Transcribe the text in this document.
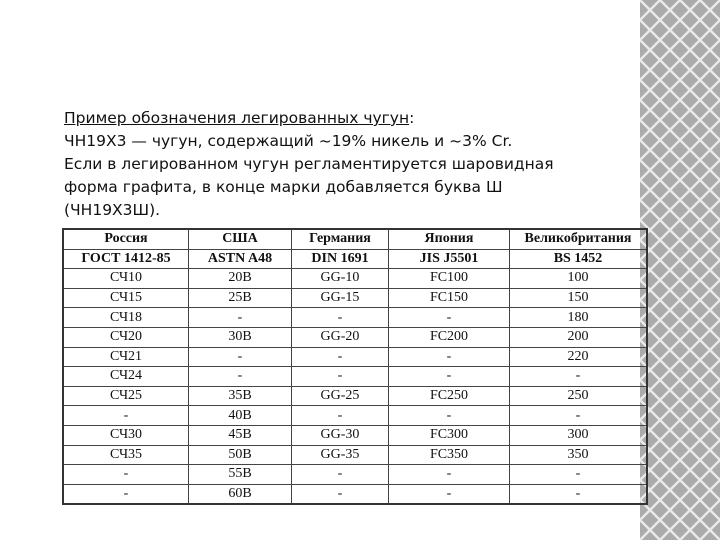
Пример обозначения легированных чугун:

ЧН19Х3 — чугун, содержащий ~19% никель и ~3% Cr.

Если в легированном чугун регламентируется шаровидная

форма графита, в конце марки добавляется буква Ш

(ЧН19Х3Ш).

Россия	США	Германия	Япония	Великобритания
ГОСТ 1412-85	ASTN A48	DIN 1691	JIS J5501	BS 1452
СЧ10	20B	GG-10	FC100	100
СЧ15	25B	GG-15	FC150	150
СЧ18	-	-	-	180
СЧ20	30B	GG-20	FC200	200
СЧ21	-	-	-	220
СЧ24	-	-	-	-
СЧ25	35B	GG-25	FC250	250
-	40B	-	-	-
СЧ30	45B	GG-30	FC300	300
СЧ35	50B	GG-35	FC350	350
-	55B	-	-	-
-	60B	-	-	-
